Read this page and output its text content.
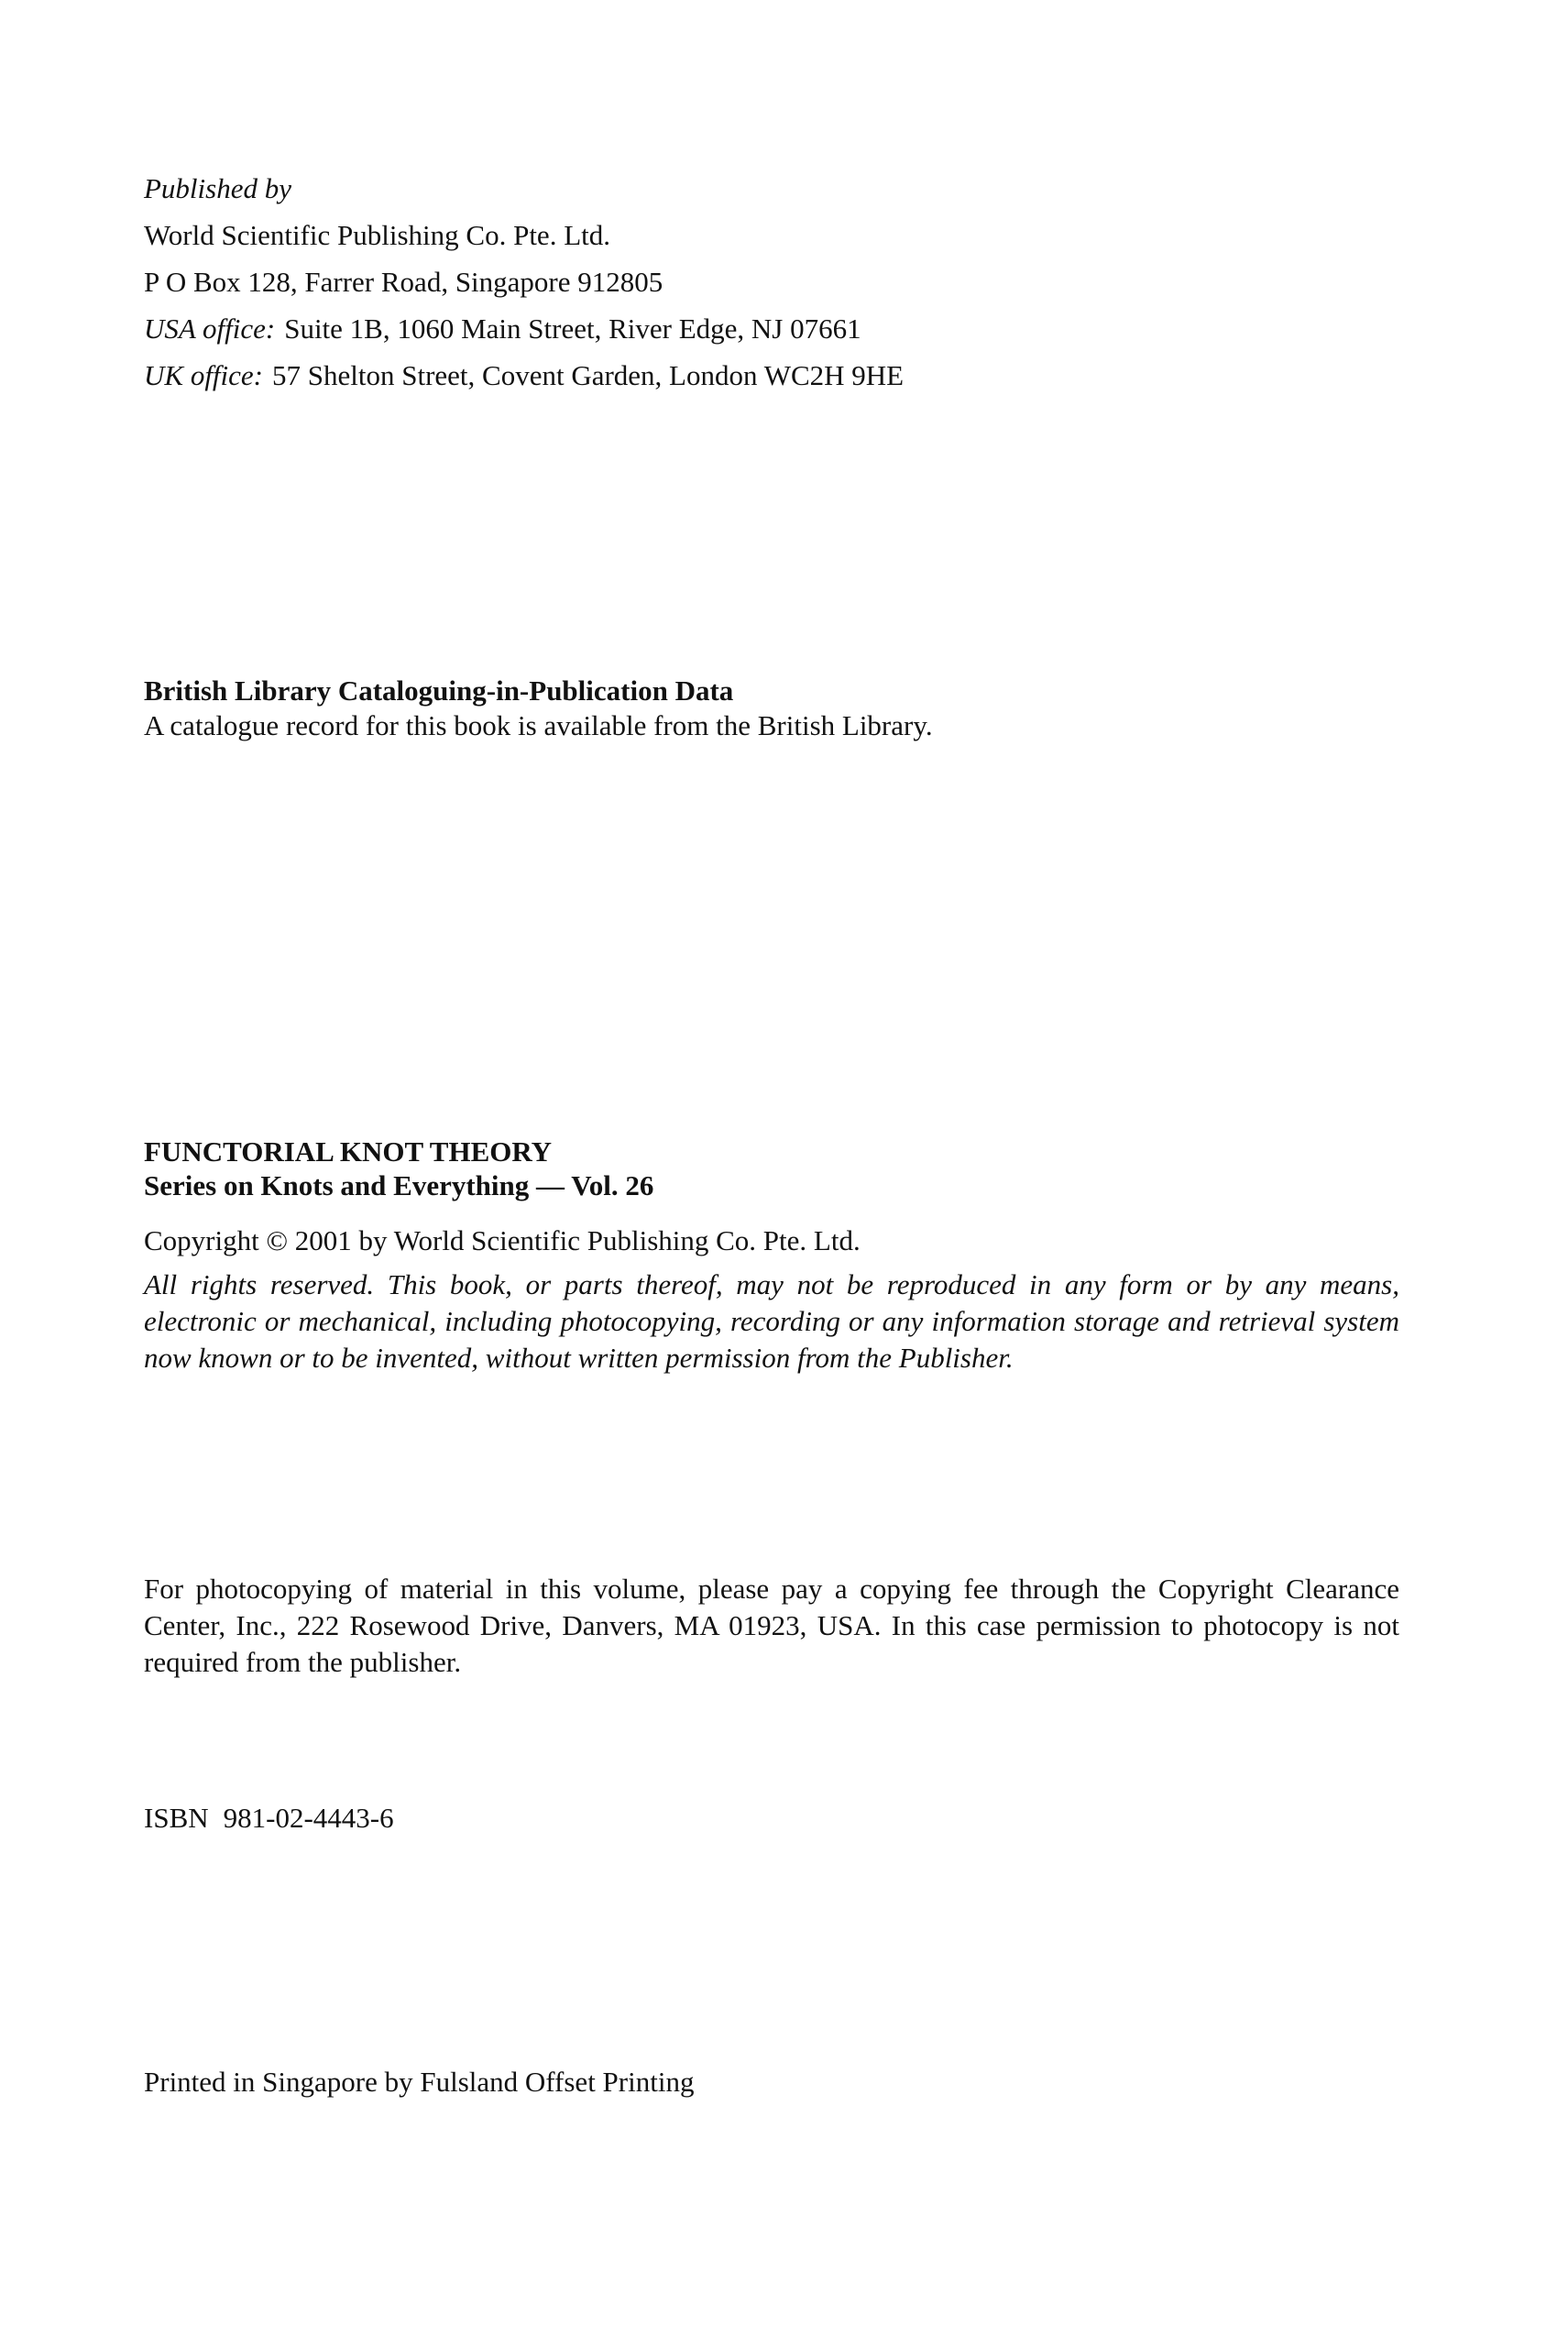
Published by
World Scientific Publishing Co. Pte. Ltd.
P O Box 128, Farrer Road, Singapore 912805
USA office: Suite 1B, 1060 Main Street, River Edge, NJ 07661
UK office: 57 Shelton Street, Covent Garden, London WC2H 9HE
British Library Cataloguing-in-Publication Data
A catalogue record for this book is available from the British Library.
FUNCTORIAL KNOT THEORY
Series on Knots and Everything — Vol. 26
Copyright © 2001 by World Scientific Publishing Co. Pte. Ltd.
All rights reserved. This book, or parts thereof, may not be reproduced in any form or by any means, electronic or mechanical, including photocopying, recording or any information storage and retrieval system now known or to be invented, without written permission from the Publisher.
For photocopying of material in this volume, please pay a copying fee through the Copyright Clearance Center, Inc., 222 Rosewood Drive, Danvers, MA 01923, USA. In this case permission to photocopy is not required from the publisher.
ISBN 981-02-4443-6
Printed in Singapore by Fulsland Offset Printing
